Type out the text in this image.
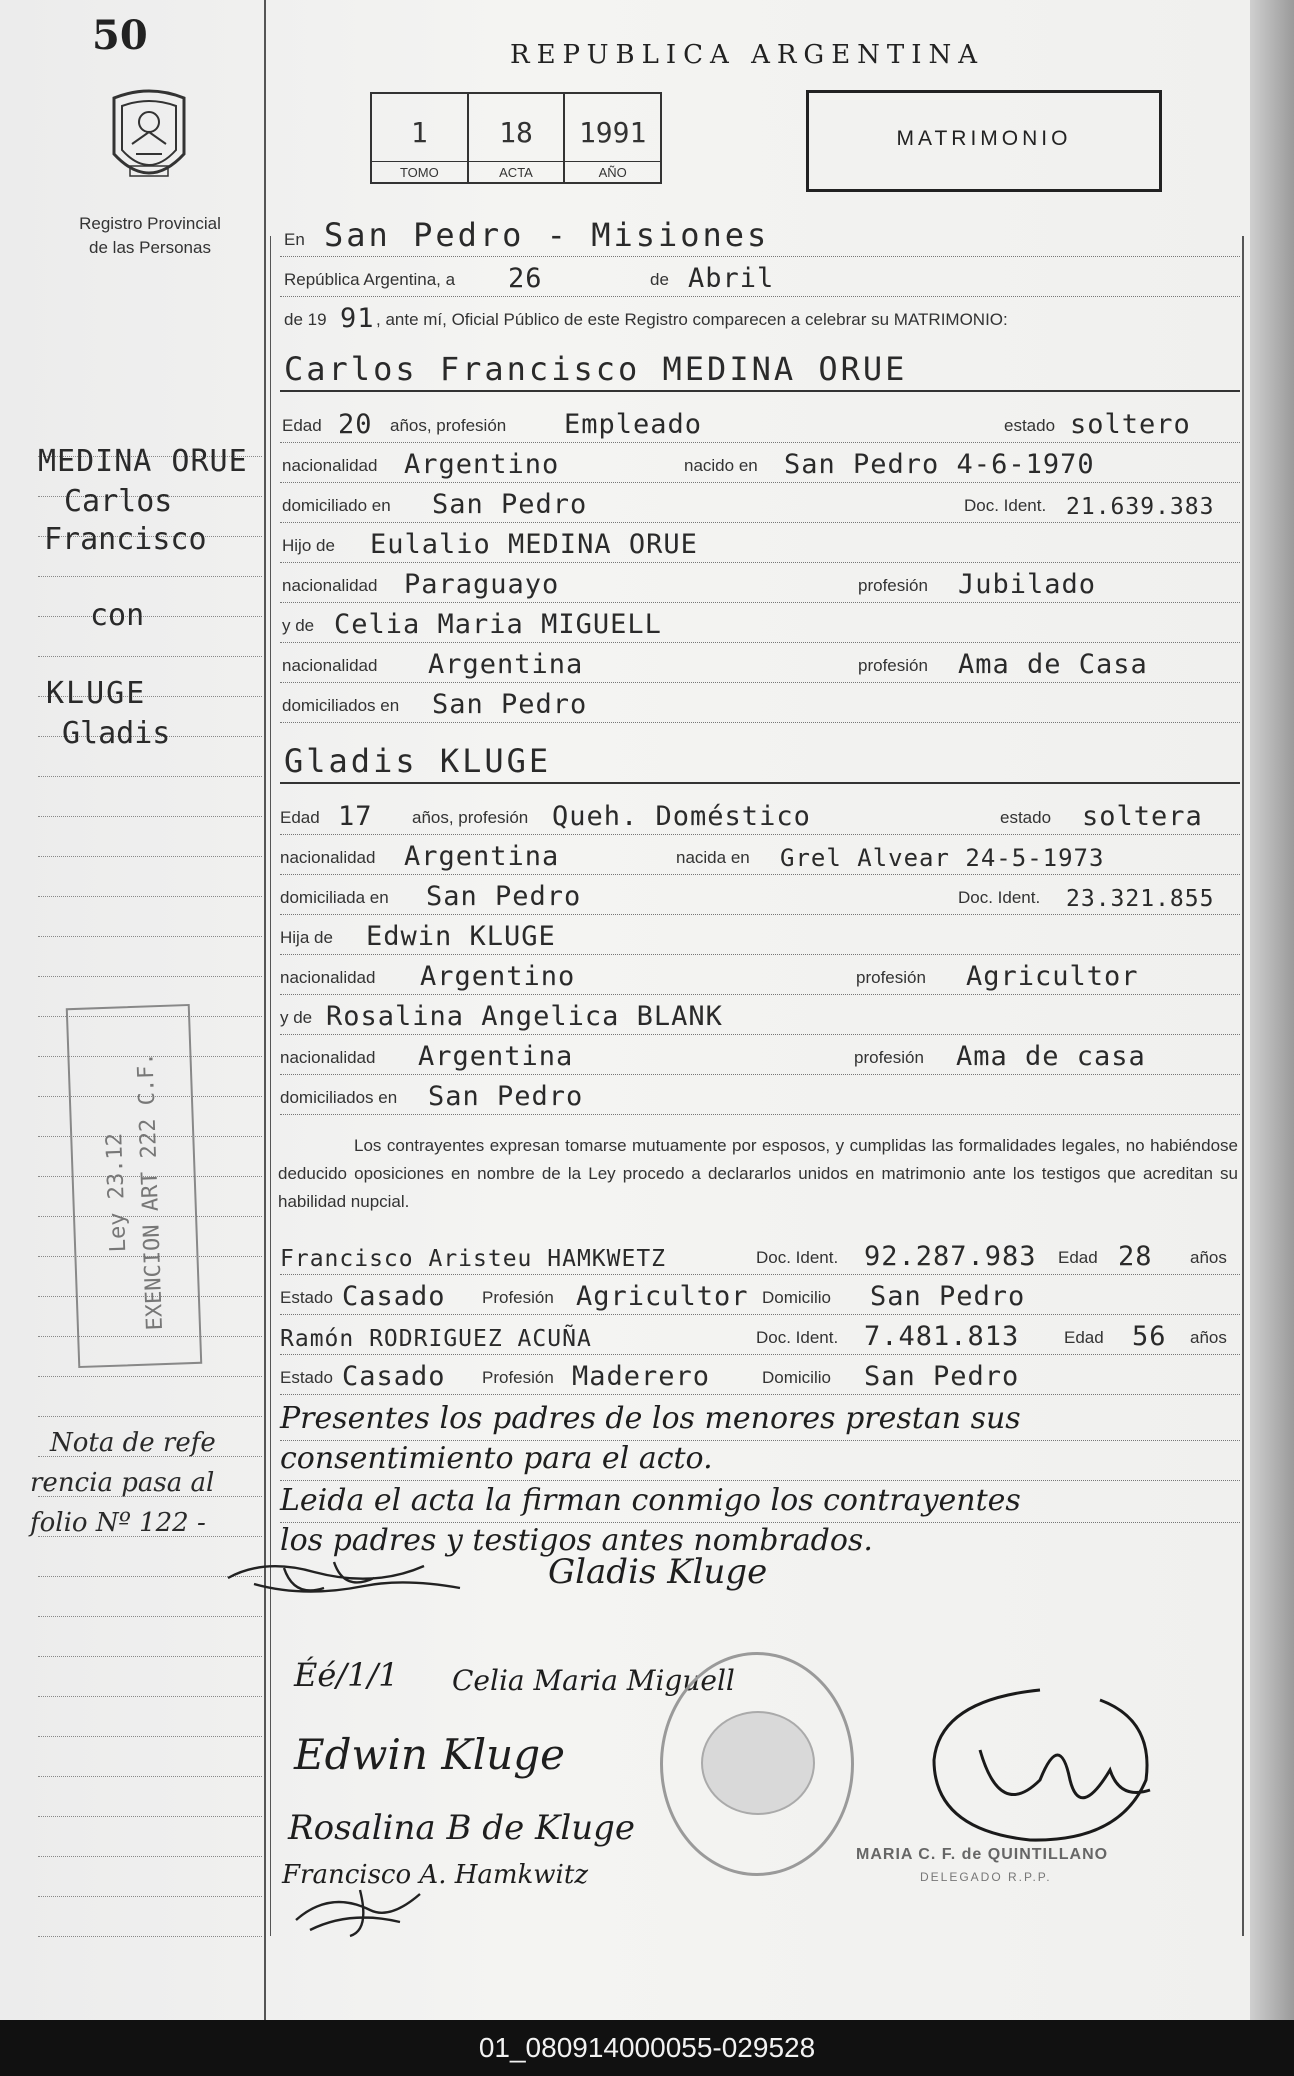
50
Registro Provincial
de las Personas
REPUBLICA ARGENTINA
1
TOMO
18
ACTA
1991
AÑO
MATRIMONIO
En San Pedro - Misiones
República Argentina, a 26	de Abril
de 19 91 , ante mí, Oficial Público de este Registro comparecen a celebrar su MATRIMONIO:
Carlos Francisco MEDINA ORUE
Edad 20 años, profesión Empleado	estado soltero
nacionalidad Argentino	nacido en San Pedro 4-6-1970
domiciliado en San Pedro	Doc. Ident. 21.639.383
Hijo de Eulalio MEDINA ORUE
nacionalidad Paraguayo	profesión Jubilado
y de Celia Maria MIGUELL
nacionalidad Argentina	profesión Ama de Casa
domiciliados en San Pedro
Gladis KLUGE
Edad 17 años, profesión Queh. Doméstico	estado soltera
nacionalidad Argentina	nacida en Grel Alvear 24-5-1973
domiciliada en San Pedro	Doc. Ident. 23.321.855
Hija de Edwin KLUGE
nacionalidad Argentino	profesión Agricultor
y de Rosalina Angelica BLANK
nacionalidad Argentina	profesión Ama de casa
domiciliados en San Pedro
Los contrayentes expresan tomarse mutuamente por esposos, y cumplidas las formalidades legales, no habiéndose deducido oposiciones en nombre de la Ley procedo a declararlos unidos en matrimonio ante los testigos que acreditan su habilidad nupcial.
Francisco Aristeu HAMKWETZ	Doc. Ident. 92.287.983 Edad 28 años
Estado Casado Profesión Agricultor Domicilio San Pedro
Ramón RODRIGUEZ ACUÑA	Doc. Ident. 7.481.813	Edad 56 años
Estado Casado Profesión Maderero	Domicilio San Pedro
Presentes los padres de los menores prestan sus
consentimiento para el acto.
Leida el acta la firman conmigo los contrayentes
los padres y testigos antes nombrados.
Gladis Kluge
Éé/1/1 Celia Maria Miguell
Edwin Kluge
Rosalina B de Kluge
Francisco A. Hamkwitz
MARIA C. F. de QUINTILLANO
DELEGADO R.P.P.
MEDINA ORUE
Carlos
Francisco
con
KLUGE
Gladis
Ley 23.12 EXENCION ART 222 C.F.
Nota de refe
rencia pasa al
folio Nº 122 -
01_080914000055-029528
